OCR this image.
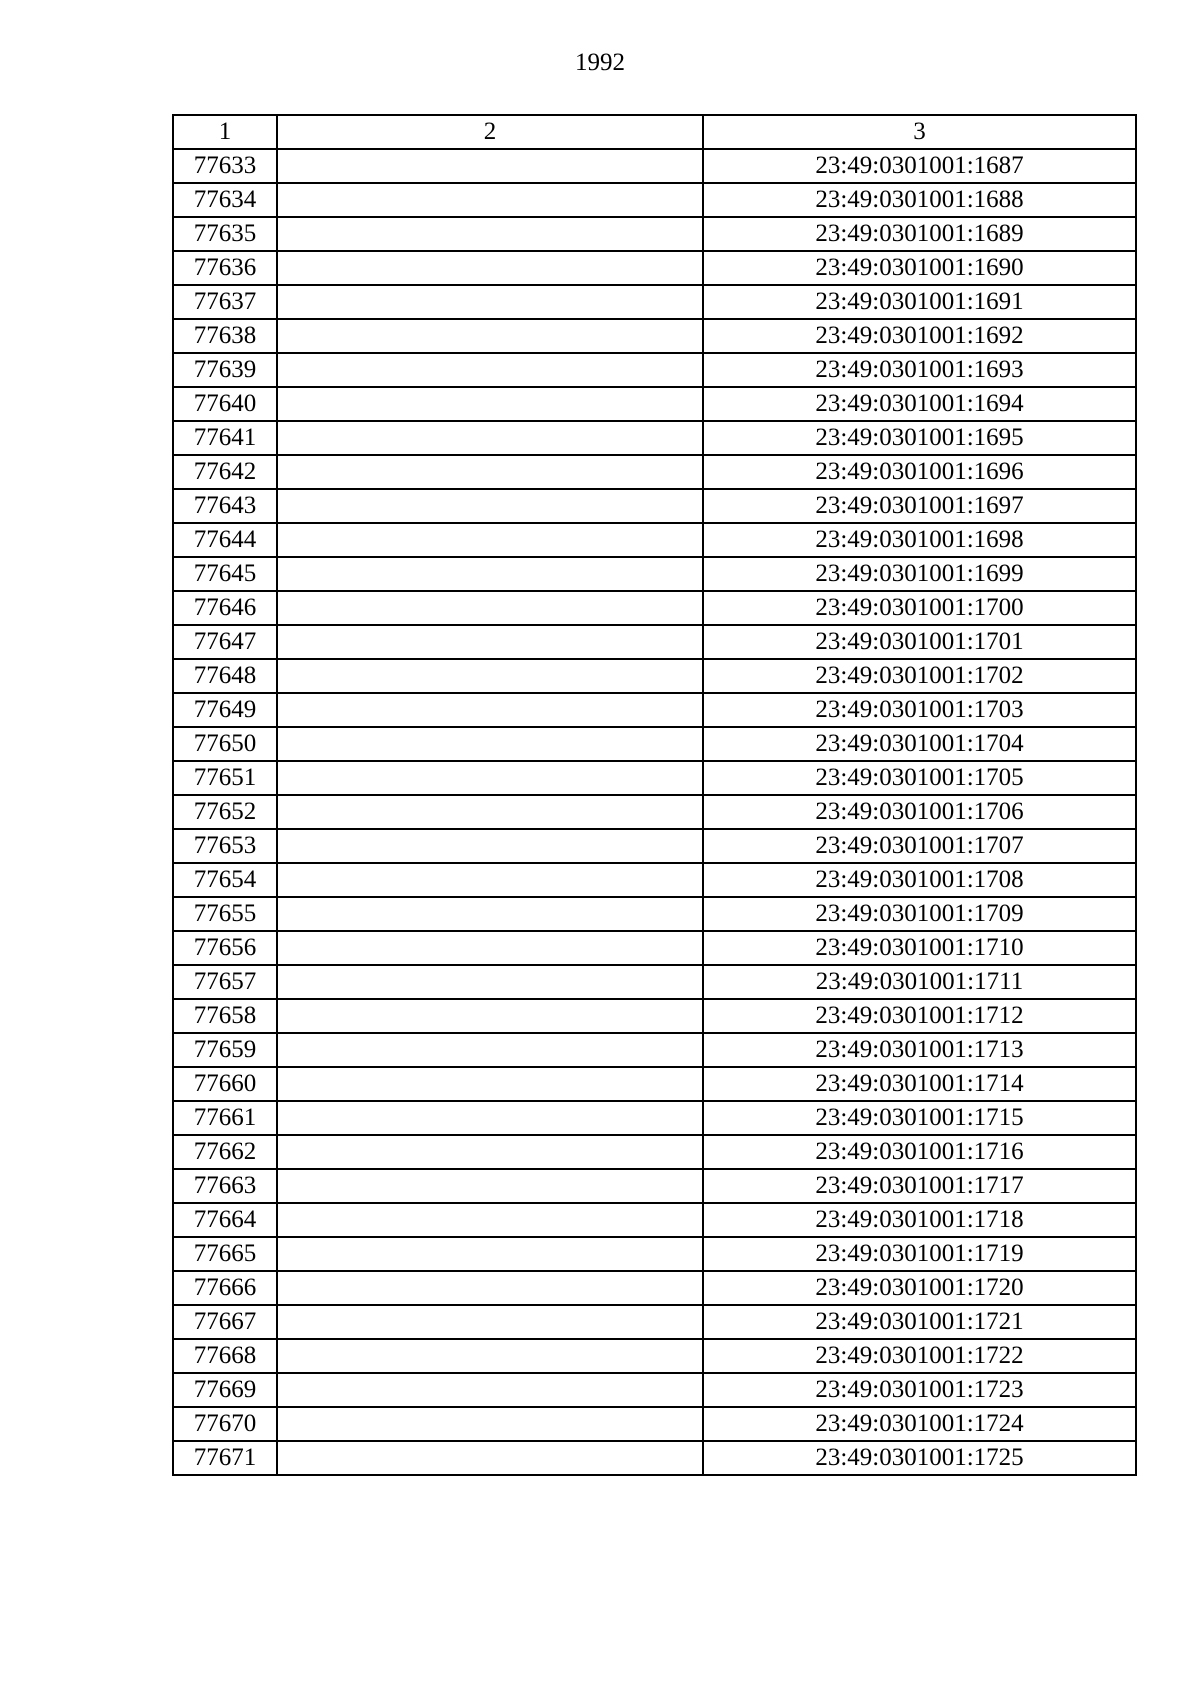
1992
1	2	3
77633		23:49:0301001:1687
77634		23:49:0301001:1688
77635		23:49:0301001:1689
77636		23:49:0301001:1690
77637		23:49:0301001:1691
77638		23:49:0301001:1692
77639		23:49:0301001:1693
77640		23:49:0301001:1694
77641		23:49:0301001:1695
77642		23:49:0301001:1696
77643		23:49:0301001:1697
77644		23:49:0301001:1698
77645		23:49:0301001:1699
77646		23:49:0301001:1700
77647		23:49:0301001:1701
77648		23:49:0301001:1702
77649		23:49:0301001:1703
77650		23:49:0301001:1704
77651		23:49:0301001:1705
77652		23:49:0301001:1706
77653		23:49:0301001:1707
77654		23:49:0301001:1708
77655		23:49:0301001:1709
77656		23:49:0301001:1710
77657		23:49:0301001:1711
77658		23:49:0301001:1712
77659		23:49:0301001:1713
77660		23:49:0301001:1714
77661		23:49:0301001:1715
77662		23:49:0301001:1716
77663		23:49:0301001:1717
77664		23:49:0301001:1718
77665		23:49:0301001:1719
77666		23:49:0301001:1720
77667		23:49:0301001:1721
77668		23:49:0301001:1722
77669		23:49:0301001:1723
77670		23:49:0301001:1724
77671		23:49:0301001:1725
